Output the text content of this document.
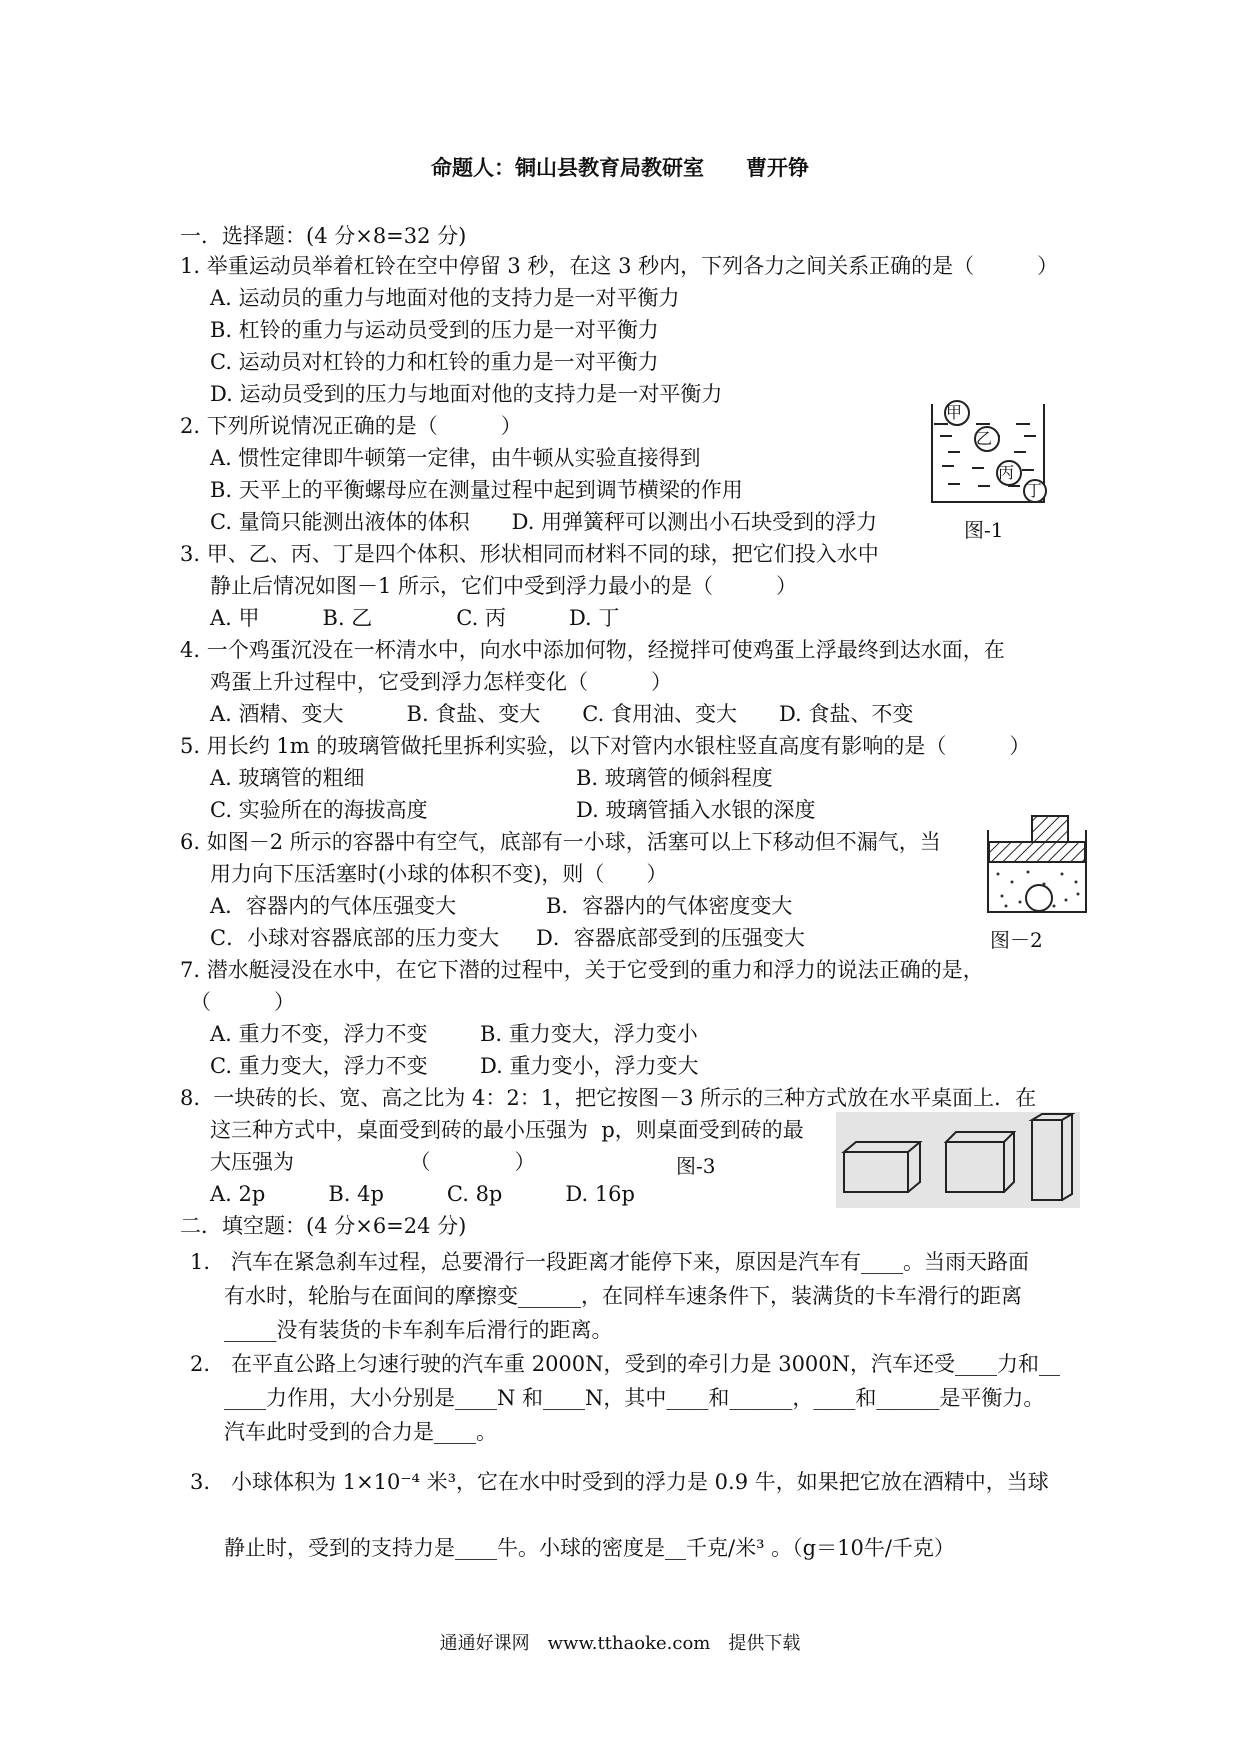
命题人：铜山县教育局教研室　　曹开铮
一．选择题：(4 分×8=32 分)
1. 举重运动员举着杠铃在空中停留 3 秒，在这 3 秒内，下列各力之间关系正确的是（　　　）
A. 运动员的重力与地面对他的支持力是一对平衡力
B. 杠铃的重力与运动员受到的压力是一对平衡力
C. 运动员对杠铃的力和杠铃的重力是一对平衡力
D. 运动员受到的压力与地面对他的支持力是一对平衡力
2. 下列所说情况正确的是（　　　）
A. 惯性定律即牛顿第一定律，由牛顿从实验直接得到
B. 天平上的平衡螺母应在测量过程中起到调节横梁的作用
C. 量筒只能测出液体的体积　　D. 用弹簧秤可以测出小石块受到的浮力
甲
乙
丙
丁
图-1
3. 甲、乙、丙、丁是四个体积、形状相同而材料不同的球，把它们投入水中
静止后情况如图－1 所示，它们中受到浮力最小的是（　　　）
A. 甲　　　B. 乙　　　　C. 丙　　　D. 丁
4. 一个鸡蛋沉没在一杯清水中，向水中添加何物，经搅拌可使鸡蛋上浮最终到达水面，在
鸡蛋上升过程中，它受到浮力怎样变化（　　　）
A. 酒精、变大　　　B. 食盐、变大　　C. 食用油、变大　　D. 食盐、不变
5. 用长约 1m 的玻璃管做托里拆利实验，以下对管内水银柱竖直高度有影响的是（　　　）
A. 玻璃管的粗细	B. 玻璃管的倾斜程度
C. 实验所在的海拔高度	D. 玻璃管插入水银的深度
6. 如图－2 所示的容器中有空气，底部有一小球，活塞可以上下移动但不漏气，当
用力向下压活塞时(小球的体积不变)，则（　　）
A．容器内的气体压强变大	B．容器内的气体密度变大
C．小球对容器底部的压力变大 D．容器底部受到的压强变大	图－2
7. 潜水艇浸没在水中，在它下潜的过程中，关于它受到的重力和浮力的说法正确的是，
（　　　）
A. 重力不变，浮力不变 B. 重力变大，浮力变小
C. 重力变大，浮力不变 D. 重力变小，浮力变大
8.  一块砖的长、宽、高之比为 4：2：1，把它按图－3 所示的三种方式放在水平桌面上．在
这三种方式中，桌面受到砖的最小压强为  p，则桌面受到砖的最
大压强为　　　　　　（　　　　）	图-3
A. 2p　　　B. 4p　　　C. 8p　　　D. 16p
二．填空题：(4 分×6=24 分)
1.　汽车在紧急刹车过程，总要滑行一段距离才能停下来，原因是汽车有____。当雨天路面
有水时，轮胎与在面间的摩擦变______，在同样车速条件下，装满货的卡车滑行的距离
_____没有装货的卡车刹车后滑行的距离。
2.　在平直公路上匀速行驶的汽车重 2000N，受到的牵引力是 3000N，汽车还受____力和__
____力作用，大小分别是____N 和____N，其中____和______，____和______是平衡力。
汽车此时受到的合力是____。
3.　小球体积为 1×10⁻⁴ 米³，它在水中时受到的浮力是 0.9 牛，如果把它放在酒精中，当球
静止时，受到的支持力是____牛。小球的密度是__千克/米³ 。（g＝10牛/千克）
通通好课网　www.tthaoke.com　提供下载
